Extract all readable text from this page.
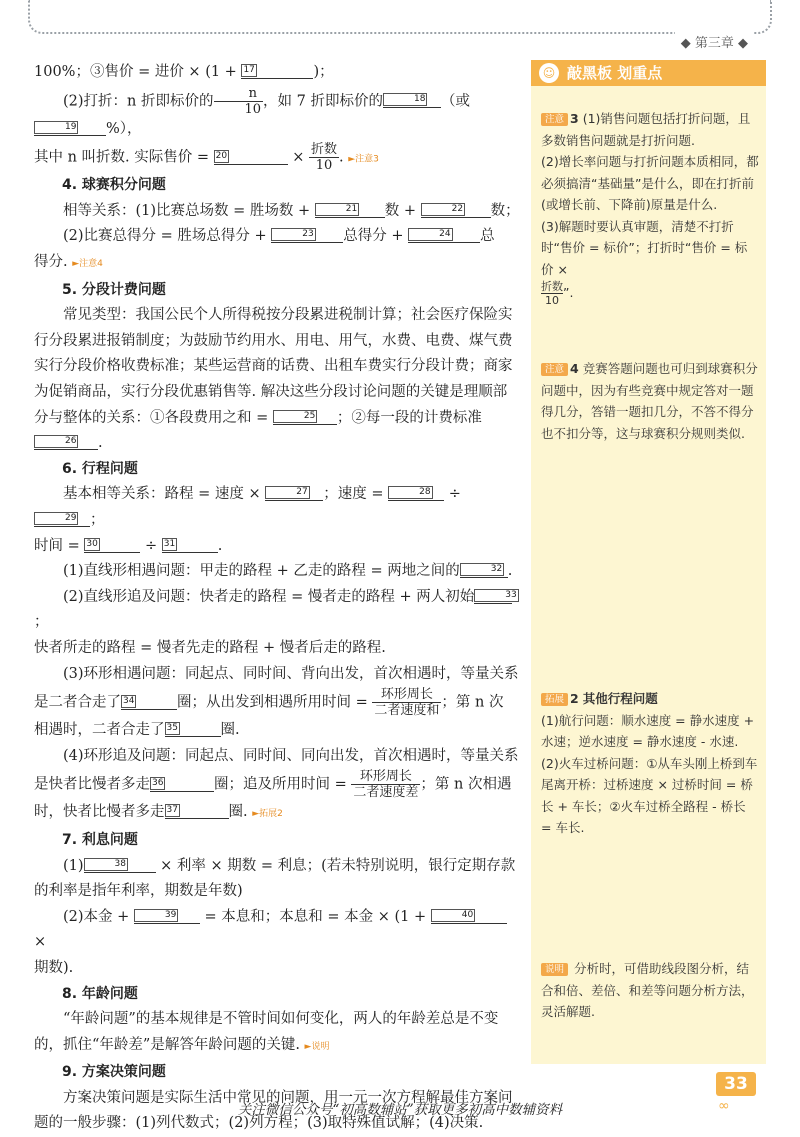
◆ 第三章 ◆

100%；③售价 = 进价 × (1 + 17	)；

(2)打折：n 折即标价的 $\frac{n}{10}$ ，如 7 折即标价的	18 （或
19 %），

其中 n 叫折数. 实际售价 = 20	× $\frac{\text{折数}}{10}$ . ►注意3

4. 球赛积分问题

相等关系：(1)比赛总场数 = 胜场数 +	21 数 +	22 数；

(2)比赛总得分 = 胜场总得分 +	23 总得分 +	24 总

得分. ►注意4

5. 分段计费问题

常见类型：我国公民个人所得税按分段累进税制计算；社会医疗保险实行分段累进报销制度；为鼓励节约用水、用电、用气，水费、电费、煤气费实行分段价格收费标准；某些运营商的话费、出租车费实行分段计费；商家为促销商品，实行分段优惠销售等. 解决这些分段讨论问题的关键是理顺部分与整体的关系：①各段费用之和 =	25 ；②每一段的计费标准
26 .

6. 行程问题

基本相等关系：路程 = 速度 ×	27 ；速度 =	28 ÷
29 ；

时间 = 30	÷ 31	.

(1)直线形相遇问题：甲走的路程 + 乙走的路程 = 两地之间的	32 .

(2)直线形追及问题：快者走的路程 = 慢者走的路程 + 两人初始	33
；

快者所走的路程 = 慢者先走的路程 + 慢者后走的路程.

(3)环形相遇问题：同起点、同时间、背向出发，首次相遇时，等量关系

是二者合走了 34	圈；从出发到相遇所用时间 = $\frac{\text{环形周长}}{\text{二者速度和}}$ ；第 n 次

相遇时，二者合走了 35	圈.

(4)环形追及问题：同起点、同时间、同向出发，首次相遇时，等量关系

是快者比慢者多走 36	圈；追及所用时间 = $\frac{\text{环形周长}}{\text{二者速度差}}$ ；第 n 次相遇

时，快者比慢者多走 37	圈. ►拓展2

7. 利息问题

(1)	38 × 利率 × 期数 = 利息；(若未特别说明，银行定期存款

的利率是指年利率，期数是年数)

(2)本金 +	39 = 本息和；本息和 = 本金 × (1 +	40
×

期数).

8. 年龄问题

“年龄问题”的基本规律是不管时间如何变化，两人的年龄差总是不变的，抓住“年龄差”是解答年龄问题的关键. ►说明

9. 方案决策问题

方案决策问题是实际生活中常见的问题，用一元一次方程解最佳方案问题的一般步骤：(1)列代数式；(2)列方程；(3)取特殊值试解；(4)决策.

☺ 敲黑板 划重点

注意 3 (1)销售问题包括打折问题，且多数销售问题就是打折问题.

(2)增长率问题与打折问题本质相同，都必须搞清“基础量”是什么，即在打折前(或增长前、下降前)原量是什么.

(3)解题时要认真审题，清楚不打折时“售价 = 标价”；打折时“售价 = 标价 ×

$\frac{\text{折数}}{10}$”.

注意 4 竞赛答题问题也可归到球赛积分问题中，因为有些竞赛中规定答对一题得几分，答错一题扣几分，不答不得分也不扣分等，这与球赛积分规则类似.

拓展 2 其他行程问题

(1)航行问题：顺水速度 = 静水速度 + 水速；逆水速度 = 静水速度 - 水速.

(2)火车过桥问题：①从车头刚上桥到车尾离开桥：过桥速度 × 过桥时间 = 桥长 + 车长；②火车过桥全路程 - 桥长 = 车长.

说明 分析时，可借助线段图分析，结合和倍、差倍、和差等问题分析方法，灵活解题.

33
∞
关注微信公众号“初高数辅站”获取更多初高中数辅资料
